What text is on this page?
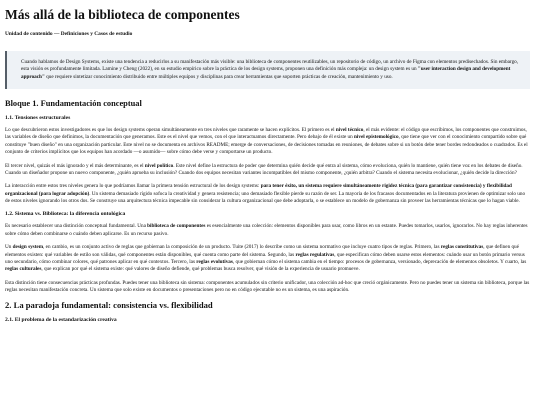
Más allá de la biblioteca de componentes
Unidad de contenido — Definiciones y Casos de estudio
Cuando hablamos de Design Systems, existe una tendencia a reducirlos a su manifestación más visible: una biblioteca de componentes reutilizables, un repositorio de código, un archivo de Figma con elementos predisechados. Sin embargo, esta visión es profundamente limitada. Lamine y Cheng (2022), en su estudio empírico sobre la práctica de los design systems, proponen una definición más compleja: un design system es un "user interaction design and development approach" que requiere sintetizar conocimiento distribuido entre múltiples equipos y disciplinas para crear herramientas que soporten prácticas de creación, mantenimiento y uso.
Bloque 1. Fundamentación conceptual
1.1. Tensiones estructurales

Lo que descubrieron estos investigadores es que los design systems operan simultáneamente en tres niveles que raramente se hacen explícitos. El primero es el nivel técnico, el más evidente: el código que escribimos, los componentes que construimos, las variables de diseño que definimos, la documentación que generamos. Este es el nivel que vemos, con el que interactuamos directamente. Pero debajo de él existe un nivel epistemológico, que tiene que ver con el conocimiento compartido sobre qué constituye "buen diseño" en una organización particular. Este nivel no se documenta en archivos README; emerge de conversaciones, de decisiones tomadas en reuniones, de debates sobre si un botón debe tener bordes redondeados o cuadrados. Es el conjunto de criterios implícitos que los equipos han acordado —o asumido— sobre cómo debe verse y comportarse un producto.

El tercer nivel, quizás el más ignorado y el más determinante, es el nivel político. Este nivel define la estructura de poder que determina quién decide qué entra al sistema, cómo evoluciona, quién lo mantiene, quién tiene voz en los debates de diseño. Cuando un diseñador propone un nuevo componente, ¿quién aprueba su inclusión? Cuando dos equipos necesitan variantes incompatibles del mismo componente, ¿quién arbitra? Cuando el sistema necesita evolucionar, ¿quién decide la dirección?

La interacción entre estos tres niveles genera lo que podríamos llamar la primera tensión estructural de los design systems: para tener éxito, un sistema requiere simultáneamente rigidez técnica (para garantizar consistencia) y flexibilidad organizacional (para lograr adopción). Un sistema demasiado rígido sofoca la creatividad y genera resistencia; uno demasiado flexible pierde su razón de ser. La mayoría de los fracasos documentados en la literatura provienen de optimizar solo uno de estos niveles ignorando los otros dos. Se construye una arquitectura técnica impecable sin considerar la cultura organizacional que debe adoptarla, o se establece un modelo de gobernanza sin proveer las herramientas técnicas que lo hagan viable.

1.2. Sistema vs. Biblioteca: la diferencia ontológica

Es necesario establecer una distinción conceptual fundamental. Una biblioteca de componentes es esencialmente una colección: elementos disponibles para usar, como libros en un estante. Puedes tomarlos, usarlos, ignorarlos. No hay reglas inherentes sobre cómo deben combinarse o cuándo deben aplicarse. Es un recurso pasivo.

Un design system, en cambio, es un conjunto activo de reglas que gobiernan la composición de un producto. Tuite (2017) lo describe como un sistema normativo que incluye cuatro tipos de reglas. Primero, las reglas constitutivas, que definen qué elementos existen: qué variables de estilo son válidas, qué componentes están disponibles, qué cuenta como parte del sistema. Segundo, las reglas regulativas, que especifican cómo deben usarse estos elementos: cuándo usar un botón primario versus uno secundario, cómo combinar colores, qué patrones aplicar en qué contextos. Tercero, las reglas evolutivas, que gobiernan cómo el sistema cambia en el tiempo: procesos de gobernanza, versionado, deprecación de elementos obsoletos. Y cuarto, las reglas culturales, que explican por qué el sistema existe: qué valores de diseño defiende, qué problemas busca resolver, qué visión de la experiencia de usuario promueve.

Esta distinción tiene consecuencias prácticas profundas. Puedes tener una biblioteca sin sistema: componentes acumulados sin criterio unificador, una colección ad-hoc que creció orgánicamente. Pero no puedes tener un sistema sin biblioteca, porque las reglas necesitan manifestación concreta. Un sistema que solo existe en documentos o presentaciones pero no en código ejecutable no es un sistema, es una aspiración.

2. La paradoja fundamental: consistencia vs. flexibilidad
2.1. El problema de la estandarización creativa
